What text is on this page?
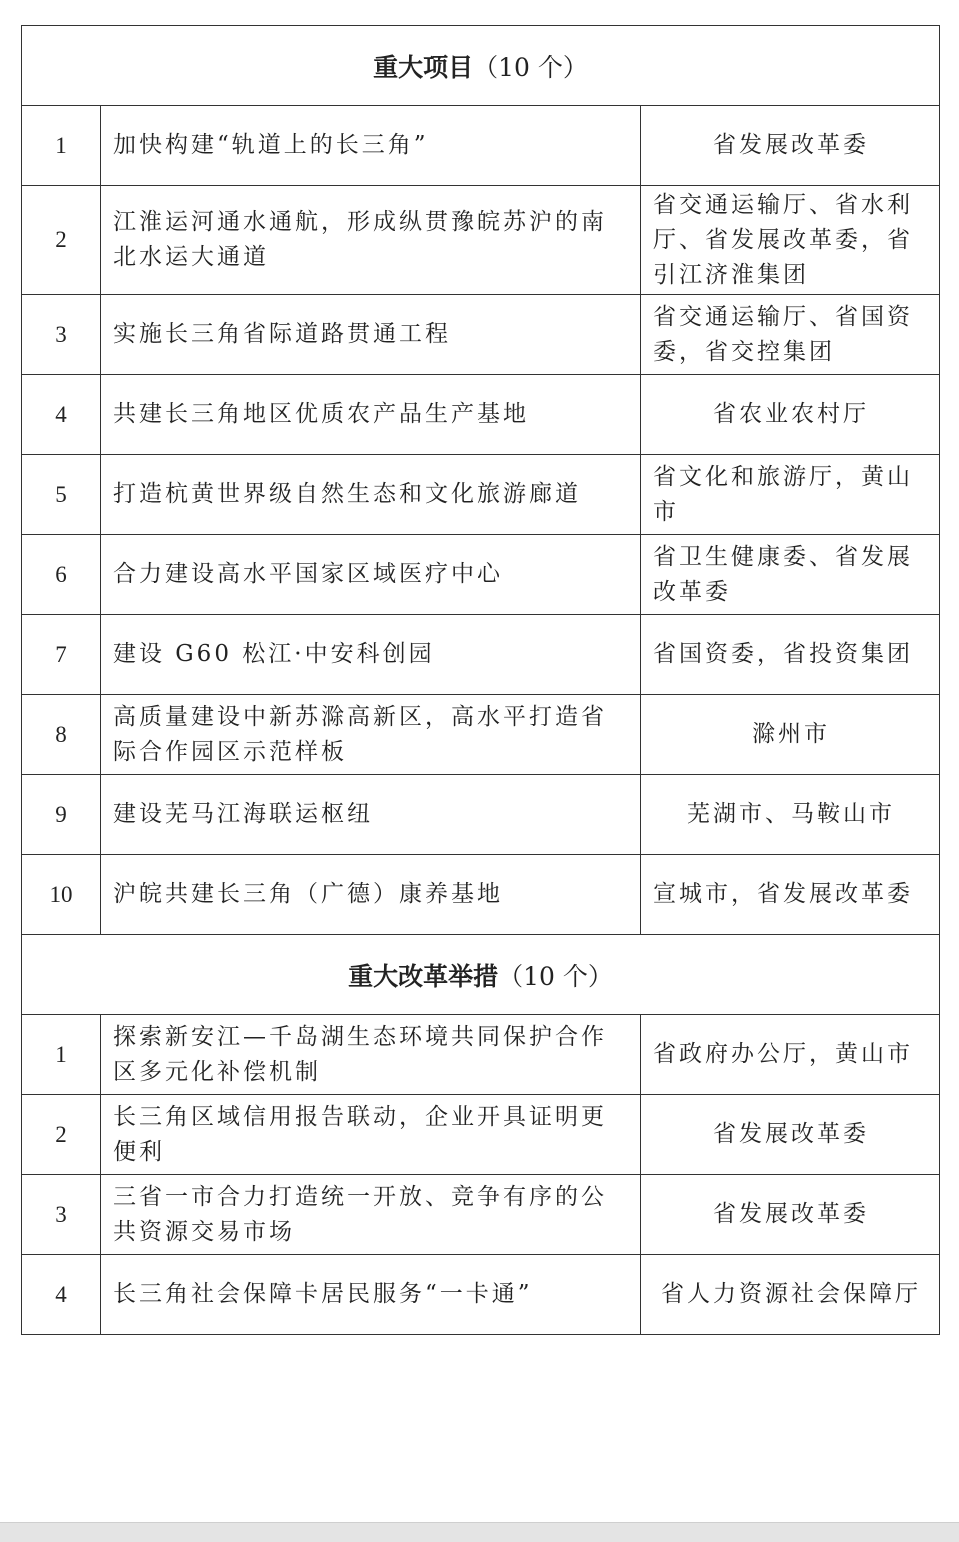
重大项目（10 个）		
1	加快构建“轨道上的长三角”	省发展改革委
2	江淮运河通水通航，形成纵贯豫皖苏沪的南北水运大通道	省交通运输厅、省水利厅、省发展改革委，省引江济淮集团
3	实施长三角省际道路贯通工程	省交通运输厅、省国资委，省交控集团
4	共建长三角地区优质农产品生产基地	省农业农村厅
5	打造杭黄世界级自然生态和文化旅游廊道	省文化和旅游厅，黄山市
6	合力建设高水平国家区域医疗中心	省卫生健康委、省发展改革委
7	建设 G60 松江·中安科创园	省国资委，省投资集团
8	高质量建设中新苏滁高新区，高水平打造省际合作园区示范样板	滁州市
9	建设芜马江海联运枢纽	芜湖市、马鞍山市
10	沪皖共建长三角（广德）康养基地	宣城市，省发展改革委
重大改革举措（10 个）		
1	探索新安江—千岛湖生态环境共同保护合作区多元化补偿机制	省政府办公厅，黄山市
2	长三角区域信用报告联动，企业开具证明更便利	省发展改革委
3	三省一市合力打造统一开放、竞争有序的公共资源交易市场	省发展改革委
4	长三角社会保障卡居民服务“一卡通”	省人力资源社会保障厅
